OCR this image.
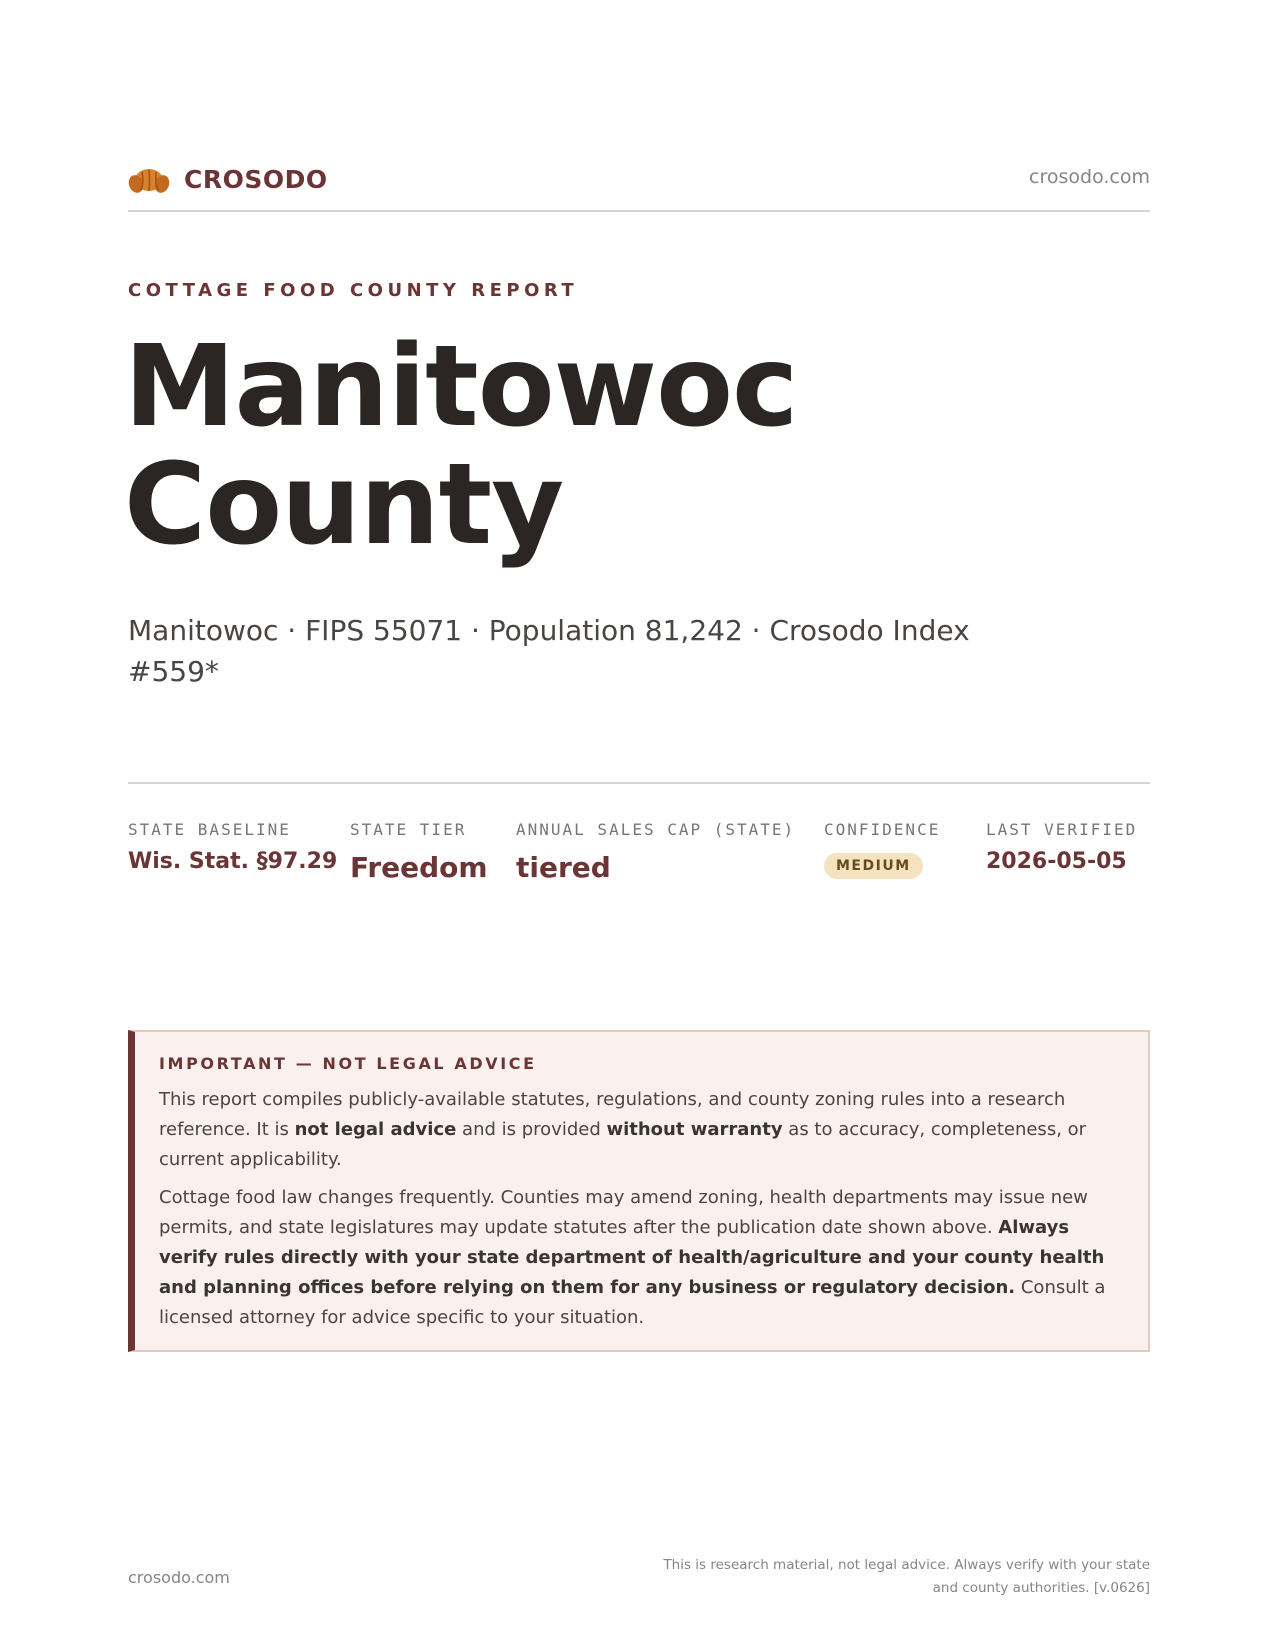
CROSODO	crosodo.com
COTTAGE FOOD COUNTY REPORT
Manitowoc
County
Manitowoc · FIPS 55071 · Population 81,242 · Crosodo Index #559*
STATE BASELINE
Wis. Stat. §97.29
STATE TIER
Freedom
ANNUAL SALES CAP (STATE)
tiered
CONFIDENCE
MEDIUM
LAST VERIFIED
2026-05-05
IMPORTANT — NOT LEGAL ADVICE

This report compiles publicly-available statutes, regulations, and county zoning rules into a research reference. It is not legal advice and is provided without warranty as to accuracy, completeness, or current applicability.

Cottage food law changes frequently. Counties may amend zoning, health departments may issue new permits, and state legislatures may update statutes after the publication date shown above. Always verify rules directly with your state department of health/agriculture and your county health and planning offices before relying on them for any business or regulatory decision. Consult a licensed attorney for advice specific to your situation.

crosodo.com
This is research material, not legal advice. Always verify with your state
and county authorities. [v.0626]
